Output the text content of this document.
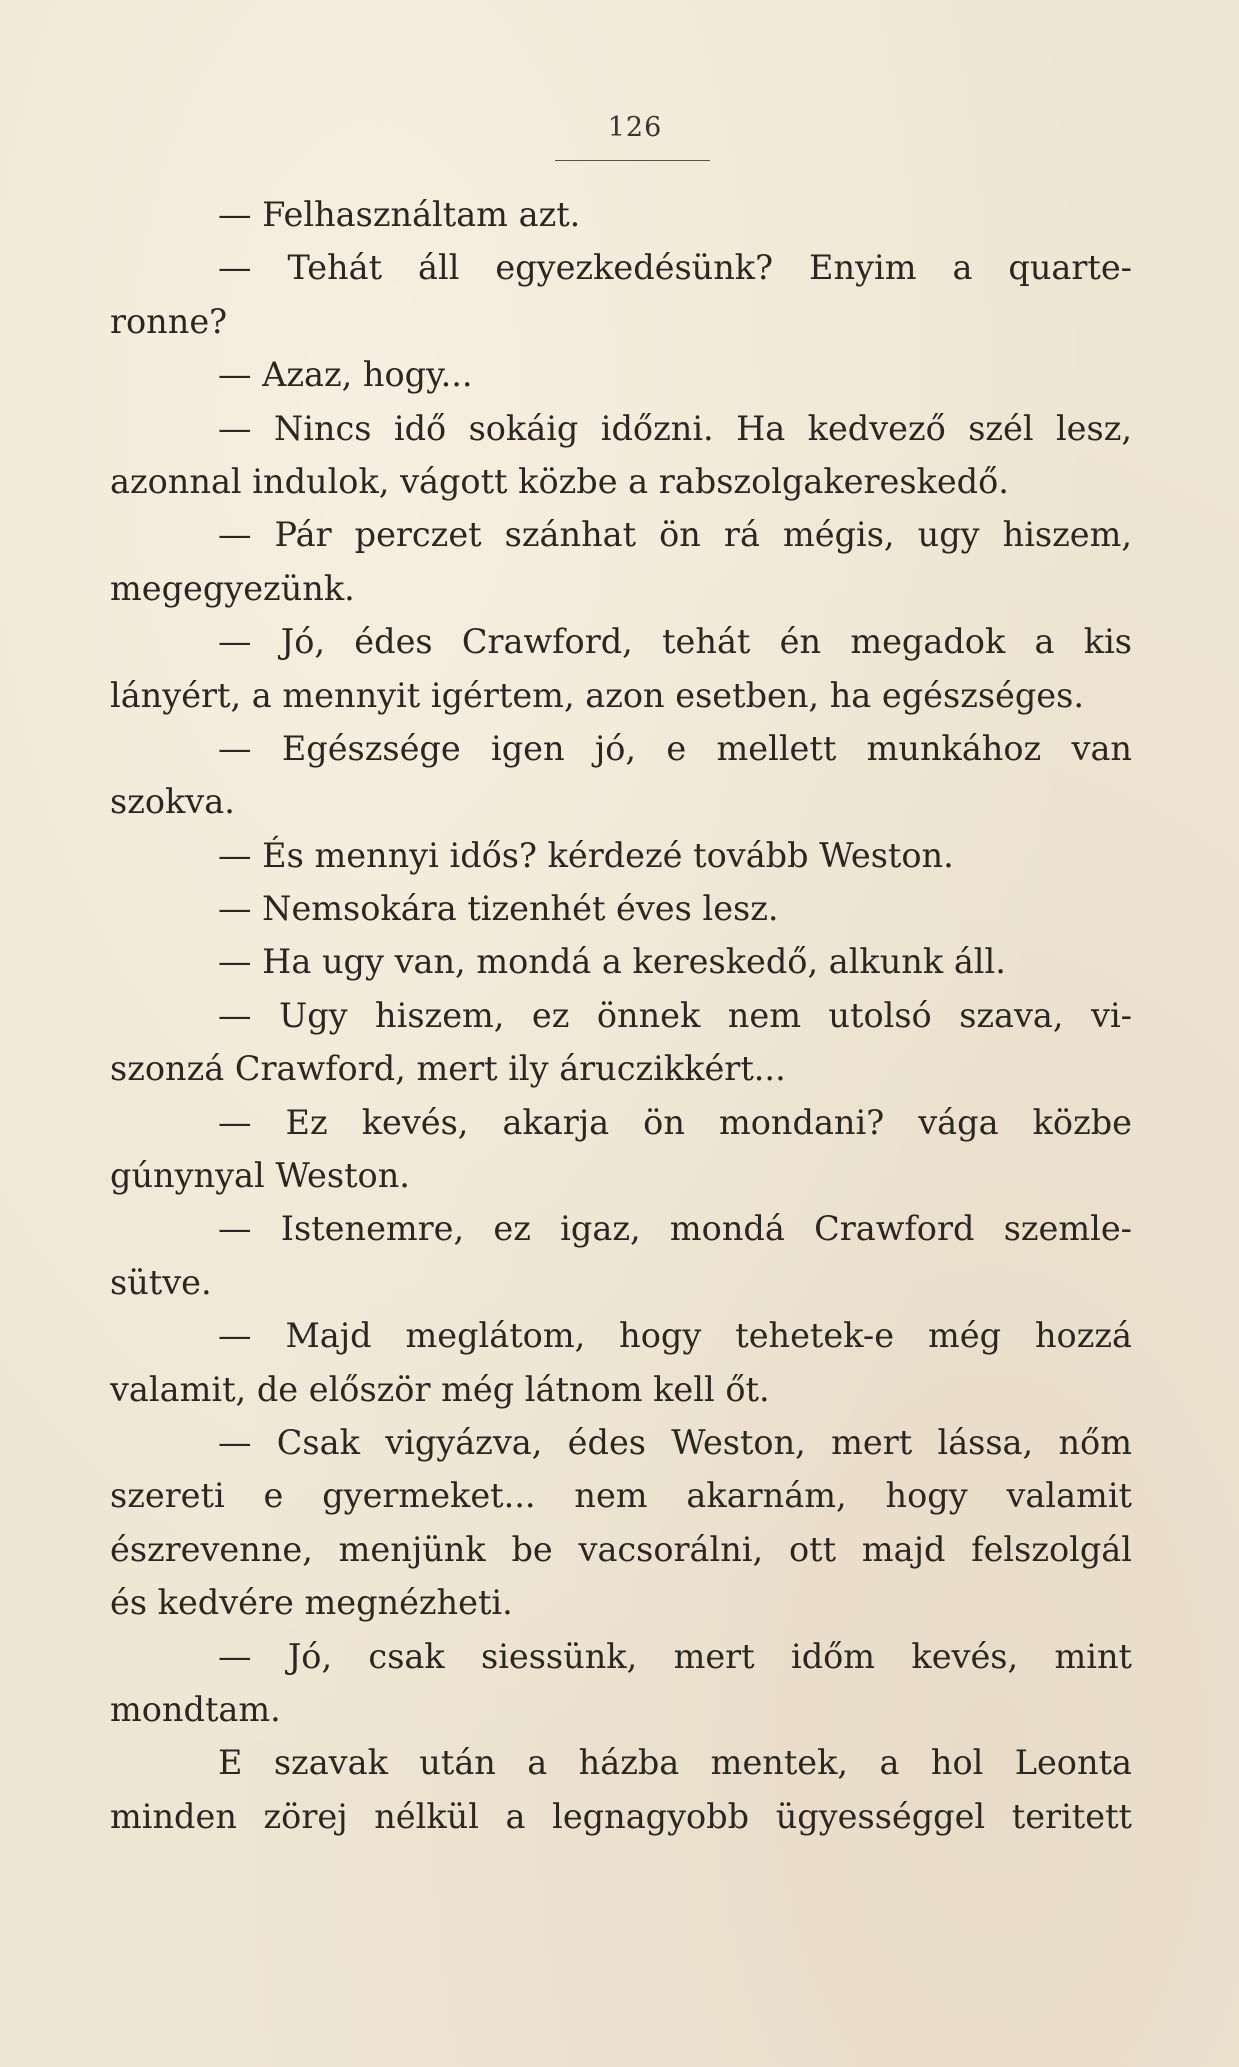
126
— Felhasználtam azt.
— Tehát áll egyezkedésünk? Enyim a quarte-
ronne?
— Azaz, hogy...
— Nincs idő sokáig időzni. Ha kedvező szél lesz,
azonnal indulok, vágott közbe a rabszolgakereskedő.
— Pár perczet szánhat ön rá mégis, ugy hiszem,
megegyezünk.
— Jó, édes Crawford, tehát én megadok a kis
lányért, a mennyit igértem, azon esetben, ha egészséges.
— Egészsége igen jó, e mellett munkához van
szokva.
— És mennyi idős? kérdezé tovább Weston.
— Nemsokára tizenhét éves lesz.
— Ha ugy van, mondá a kereskedő, alkunk áll.
— Ugy hiszem, ez önnek nem utolsó szava, vi-
szonzá Crawford, mert ily áruczikkért...
— Ez kevés, akarja ön mondani? vága közbe
gúnynyal Weston.
— Istenemre, ez igaz, mondá Crawford szemle-
sütve.
— Majd meglátom, hogy tehetek-e még hozzá
valamit, de először még látnom kell őt.
— Csak vigyázva, édes Weston, mert lássa, nőm
szereti e gyermeket... nem akarnám, hogy valamit
észrevenne, menjünk be vacsorálni, ott majd felszolgál
és kedvére megnézheti.
— Jó, csak siessünk, mert időm kevés, mint
mondtam.
E szavak után a házba mentek, a hol Leonta
minden zörej nélkül a legnagyobb ügyességgel teritett
